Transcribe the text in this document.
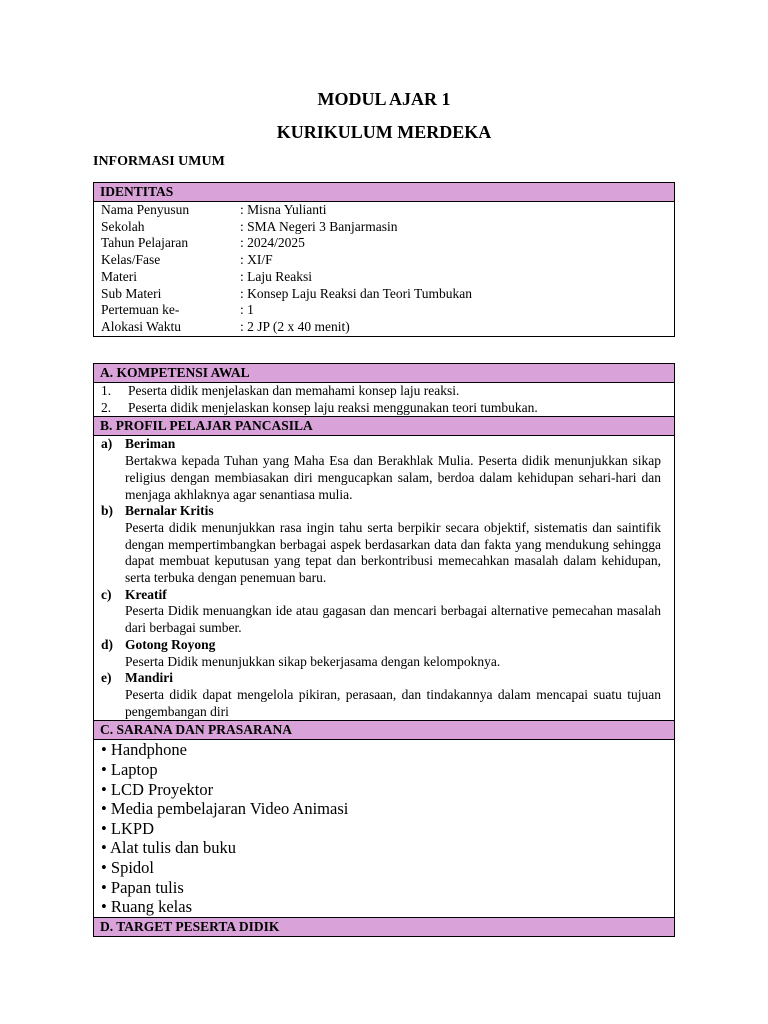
MODUL AJAR 1
KURIKULUM MERDEKA
INFORMASI UMUM
IDENTITAS

Nama Penyusun	: Misna Yulianti
Sekolah	: SMA Negeri 3 Banjarmasin
Tahun Pelajaran	: 2024/2025
Kelas/Fase	: XI/F
Materi	: Laju Reaksi
Sub Materi	: Konsep Laju Reaksi dan Teori Tumbukan
Pertemuan ke-	: 1
Alokasi Waktu	: 2 JP (2 x 40 menit)
A. KOMPETENSI AWAL

1.	Peserta didik menjelaskan dan memahami konsep laju reaksi.
2.	Peserta didik menjelaskan konsep laju reaksi menggunakan teori tumbukan.

B. PROFIL PELAJAR PANCASILA

a) Beriman
Bertakwa kepada Tuhan yang Maha Esa dan Berakhlak Mulia. Peserta didik menunjukkan sikap religius dengan membiasakan diri mengucapkan salam, berdoa dalam kehidupan sehari-hari dan menjaga akhlaknya agar senantiasa mulia.
b) Bernalar Kritis
Peserta didik menunjukkan rasa ingin tahu serta berpikir secara objektif, sistematis dan saintifik dengan mempertimbangkan berbagai aspek berdasarkan data dan fakta yang mendukung sehingga dapat membuat keputusan yang tepat dan berkontribusi memecahkan masalah dalam kehidupan, serta terbuka dengan penemuan baru.
c)	Kreatif
Peserta Didik menuangkan ide atau gagasan dan mencari berbagai alternative pemecahan masalah dari berbagai sumber.
d) Gotong Royong
Peserta Didik menunjukkan sikap bekerjasama dengan kelompoknya.
e)	Mandiri
Peserta didik dapat mengelola pikiran, perasaan, dan tindakannya dalam mencapai suatu tujuan pengembangan diri

C. SARANA DAN PRASARANA

• Handphone
• Laptop
• LCD Proyektor
• Media pembelajaran Video Animasi
• LKPD
• Alat tulis dan buku
• Spidol
• Papan tulis
• Ruang kelas

D. TARGET PESERTA DIDIK
